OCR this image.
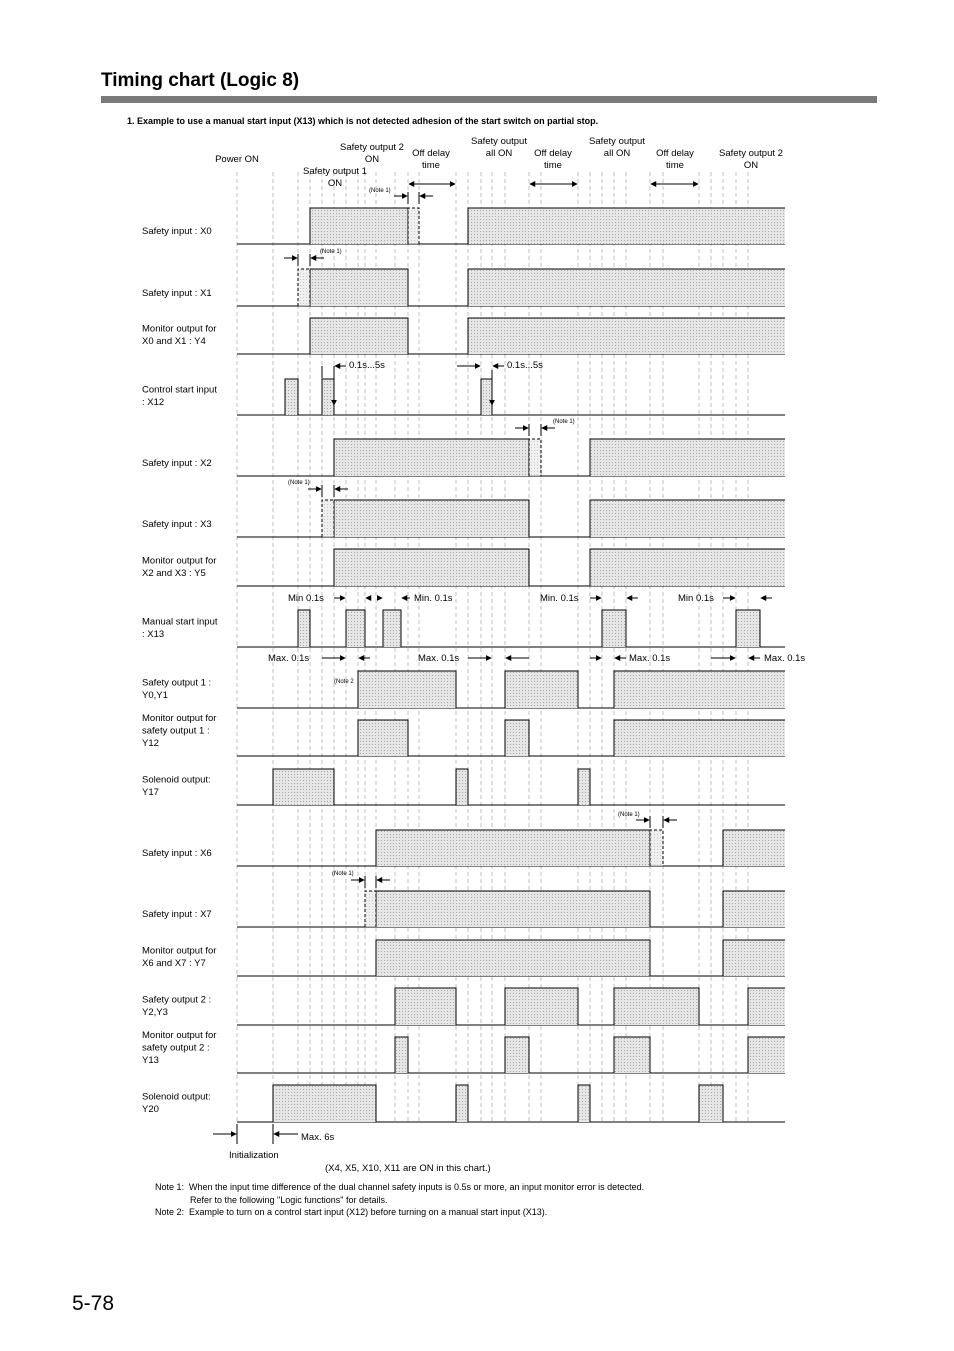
Timing chart (Logic 8)
1. Example to use a manual start input (X13) which is not detected adhesion of the start switch on partial stop.
(Note 1)
(Note 1)
(Note 1)
(Note 1)
(Note 1)
(Note 1)
0.1s...5s	0.1s...5s
Min 0.1s	Min. 0.1s	Min. 0.1s	Min 0.1s
Max. 0.1s	Max. 0.1s	Max. 0.1s	Max. 0.1s
(Note 2
Max. 6s
Initialization
(X4, X5, X10, X11 are ON in this chart.)
Power ON
Safety output 1
ON
Safety output 2
ON
Off delay
time
Safety output
all ON Off delay
time
Safety output
all ON	Off delay
time
Safety output 2
ON
Safety input : X0
Safety input : X1
Monitor output for
X0 and X1 : Y4
Control start input
: X12
Safety input : X2
Safety input : X3
Monitor output for
X2 and X3 : Y5
Manual start input
: X13
Safety output 1 :
Y0,Y1
Monitor output for
safety output 1 :
Y12
Solenoid output:
Y17
Safety input : X6
Safety input : X7
Monitor output for
X6 and X7 : Y7
Safety output 2 :
Y2,Y3
Monitor output for
safety output 2 :
Y13
Solenoid output:
Y20
Note 1:  When the input time difference of the dual channel safety inputs is 0.5s or more, an input monitor error is detected.
Refer to the following "Logic functions" for details.
Note 2:  Example to turn on a control start input (X12) before turning on a manual start input (X13).
5-78
